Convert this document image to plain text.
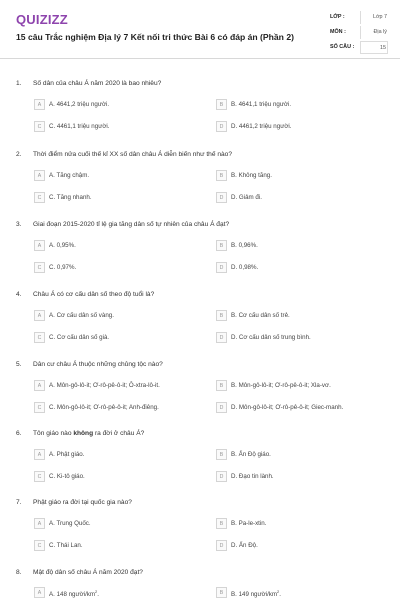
QUIZIZZ
15 câu Trắc nghiệm Địa lý 7 Kết nối tri thức Bài 6 có đáp án (Phần 2)
LỚP :	Lớp 7
MÔN :	Địa lý
SỐ CÂU :	15
1. Số dân của châu Á năm 2020 là bao nhiêu?
A	A. 4641,2 triệu người.	B	B. 4641,1 triệu người.
C	C. 4461,1 triệu người.	D	D. 4461,2 triệu người.
2. Thời điểm nửa cuối thế kỉ XX số dân châu Á diễn biến như thế nào?
A	A. Tăng chậm.	B	B. Không tăng.
C	C. Tăng nhanh.	D	D. Giảm đi.
3. Giai đoạn 2015-2020 tỉ lệ gia tăng dân số tự nhiên của châu Á đạt?
A	A. 0,95%.	B	B. 0,96%.
C	C. 0,97%.	D	D. 0,98%.
4. Châu Á có cơ cấu dân số theo độ tuổi là?
A	A. Cơ cấu dân số vàng.	B	B. Cơ cấu dân số trẻ.
C	C. Cơ cấu dân số già.	D	D. Cơ cấu dân số trung bình.
5. Dân cư châu Á thuộc những chủng tộc nào?
A	A. Môn-gô-lô-it; Ơ-rô-pê-ô-it; Ô-xtra-lô-it.	B	B. Môn-gô-lô-it; Ơ-rô-pê-ô-it; Xla-vơ.
C	C. Môn-gô-lô-it; Ơ-rô-pê-ô-it; Anh-điêng.	D	D. Môn-gô-lô-it; Ơ-rô-pê-ô-it; Giec-manh.
6. Tôn giáo nào không ra đời ở châu Á?
A	A. Phật giáo.	B	B. Ấn Độ giáo.
C	C. Ki-tô giáo.	D	D. Đạo tin lành.
7. Phật giáo ra đời tại quốc gia nào?
A	A. Trung Quốc.	B	B. Pa-le-xtin.
C	C. Thái Lan.	D	D. Ấn Độ.
8. Mật độ dân số châu Á năm 2020 đạt?
A	A. 148 người/$km^2$.	B	B. 149 người/$km^2$.
